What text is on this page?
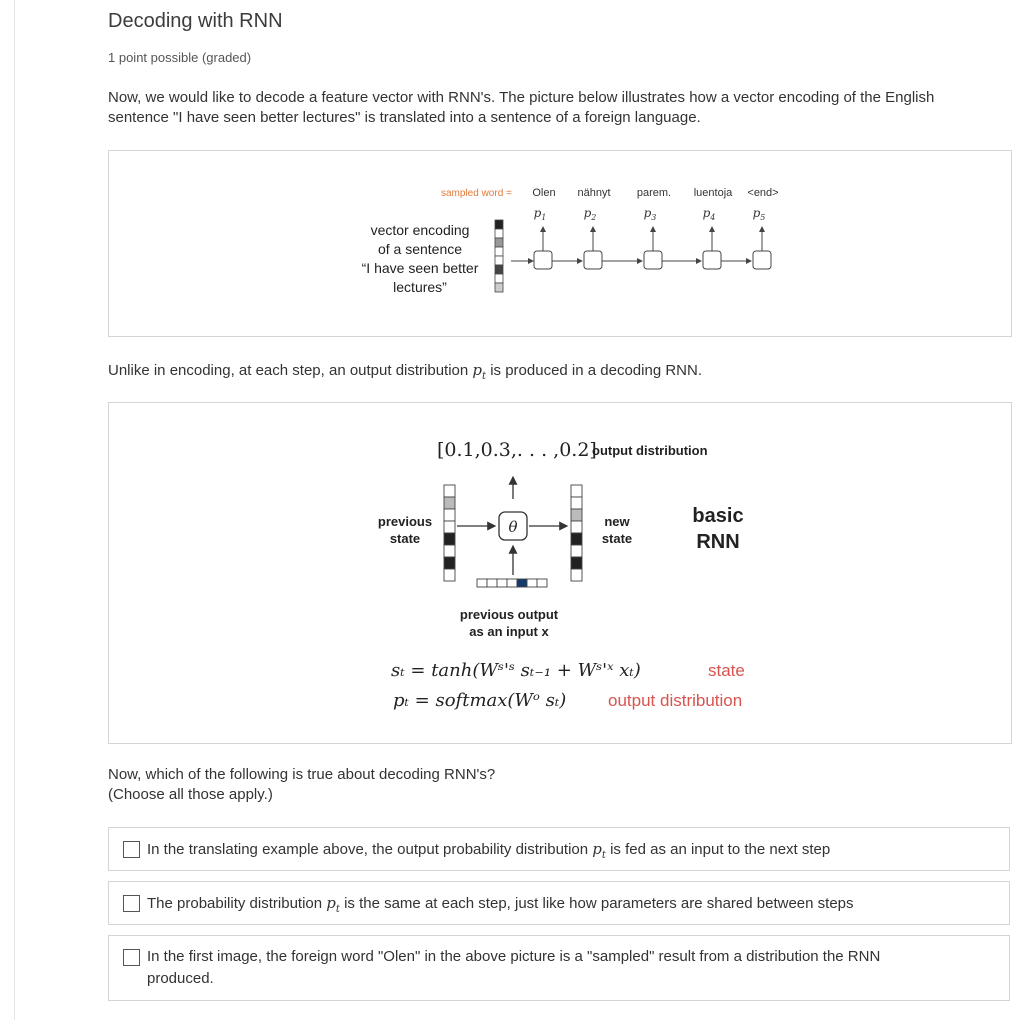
Decoding with RNN
1 point possible (graded)
Now, we would like to decode a feature vector with RNN's. The picture below illustrates how a vector encoding of the English
sentence "I have seen better lectures" is translated into a sentence of a foreign language.
sampled word = Olen nähnyt parem. luentoja <end>
$p_1$	$p_2$	$p_3$	$p_4$	$p_5$
vector encoding
of a sentence
“I have seen better
lectures”
Unlike in encoding, at each step, an output distribution $p_t$ is produced in a decoding RNN.
[0.1,0.3,. . . ,0.2]
output distribution
previous
state
θ	new
state
basic
RNN
previous output
as an input x
sₜ = tanh(Wˢ'ˢ sₜ₋₁ + Wˢ'ˣ xₜ)	state
pₜ = softmax(Wᵒ sₜ) output distribution
Now, which of the following is true about decoding RNN's?
(Choose all those apply.)
In the translating example above, the output probability distribution $p_t$ is fed as an input to the next step
The probability distribution $p_t$ is the same at each step, just like how parameters are shared between steps
In the first image, the foreign word "Olen" in the above picture is a "sampled" result from a distribution the RNN produced.
